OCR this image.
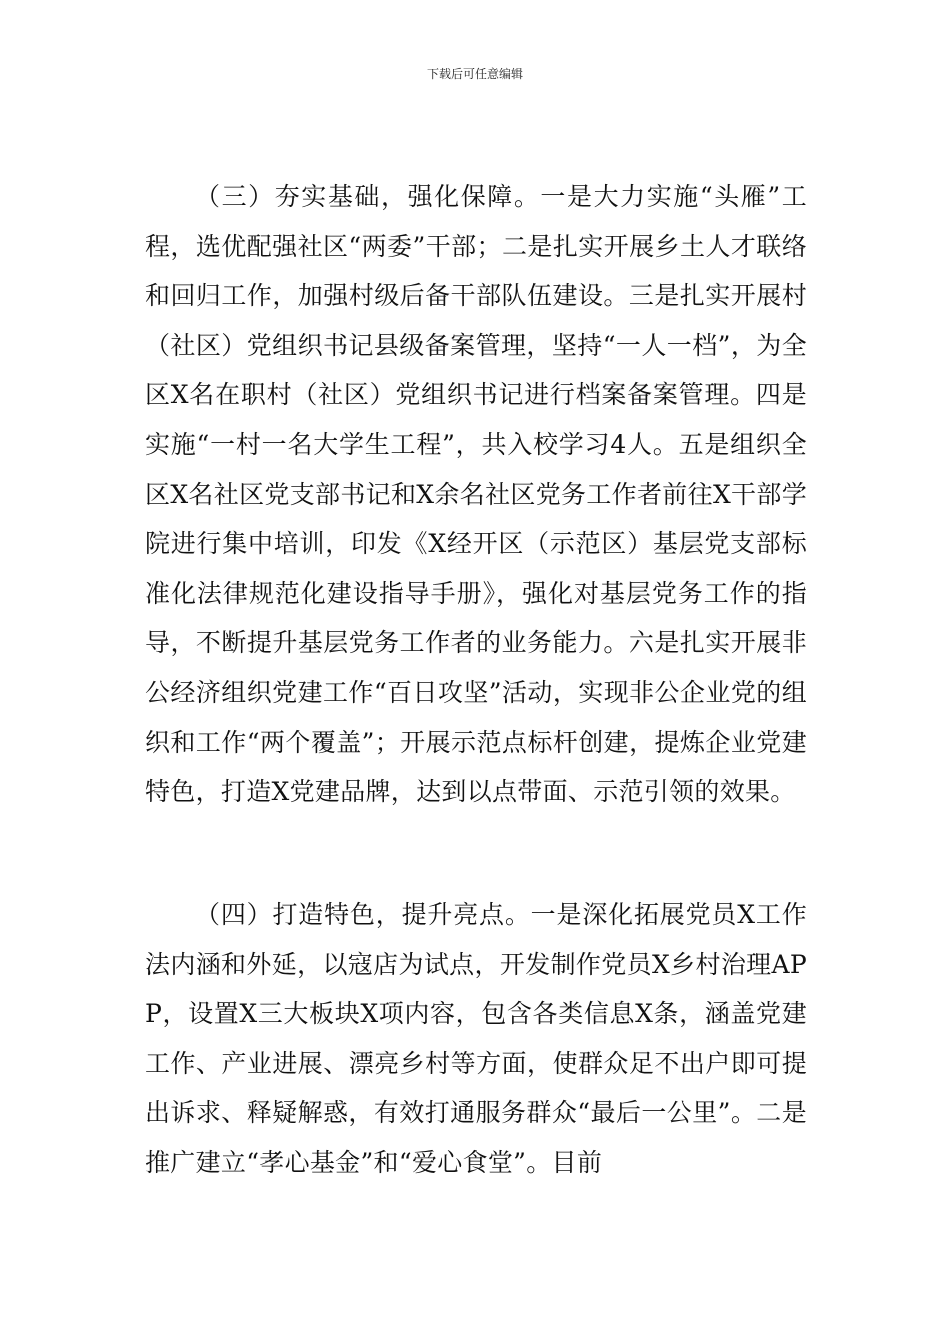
下载后可任意编辑

（三）夯实基础，强化保障。一是大力实施“头雁”工程，选优配强社区“两委”干部；二是扎实开展乡土人才联络和回归工作，加强村级后备干部队伍建设。三是扎实开展村（社区）党组织书记县级备案管理，坚持“一人一档”，为全区X名在职村（社区）党组织书记进行档案备案管理。四是实施“一村一名大学生工程”，共入校学习4人。五是组织全区X名社区党支部书记和X余名社区党务工作者前往X干部学院进行集中培训，印发《X经开区（示范区）基层党支部标准化法律规范化建设指导手册》，强化对基层党务工作的指导，不断提升基层党务工作者的业务能力。六是扎实开展非公经济组织党建工作“百日攻坚”活动，实现非公企业党的组织和工作“两个覆盖”；开展示范点标杆创建，提炼企业党建特色，打造X党建品牌，达到以点带面、示范引领的效果。

（四）打造特色，提升亮点。一是深化拓展党员X工作法内涵和外延，以寇店为试点，开发制作党员X乡村治理APP，设置X三大板块X项内容，包含各类信息X条，涵盖党建工作、产业进展、漂亮乡村等方面，使群众足不出户即可提出诉求、释疑解惑，有效打通服务群众“最后一公里”。二是推广建立“孝心基金”和“爱心食堂”。目前
